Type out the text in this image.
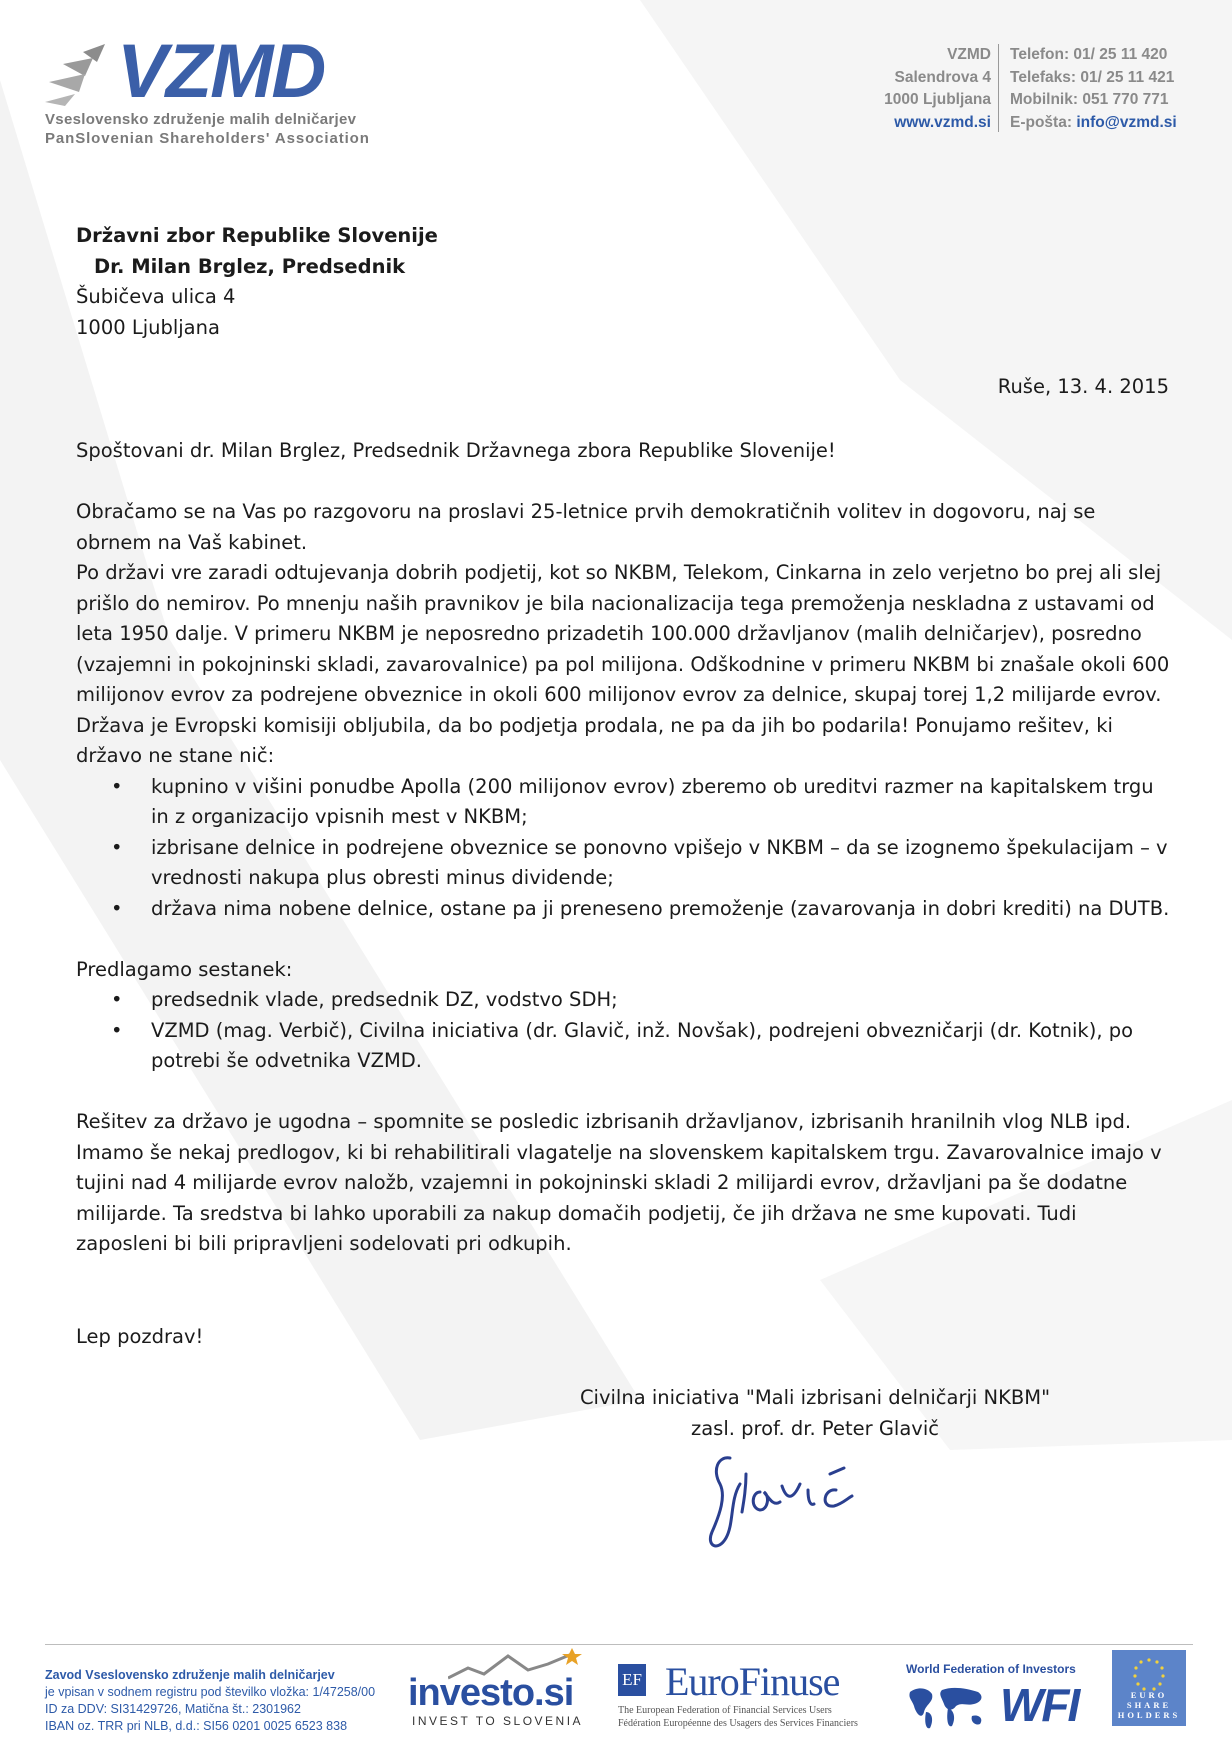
VZMD
Vseslovensko združenje malih delničarjev
PanSlovenian Shareholders' Association
VZMD
Salendrova 4
1000 Ljubljana
www.vzmd.si
Telefon: 01/ 25 11 420
Telefaks: 01/ 25 11 421
Mobilnik: 051 770 771
E-pošta: info@vzmd.si
Državni zbor Republike Slovenije
Dr. Milan Brglez, Predsednik
Šubičeva ulica 4
1000 Ljubljana
Ruše, 13. 4. 2015
Spoštovani dr. Milan Brglez, Predsednik Državnega zbora Republike Slovenije!

Obračamo se na Vas po razgovoru na proslavi 25-letnice prvih demokratičnih volitev in dogovoru, naj se obrnem na Vaš kabinet.

Po državi vre zaradi odtujevanja dobrih podjetij, kot so NKBM, Telekom, Cinkarna in zelo verjetno bo prej ali slej prišlo do nemirov. Po mnenju naših pravnikov je bila nacionalizacija tega premoženja neskladna z ustavami od leta 1950 dalje. V primeru NKBM je neposredno prizadetih 100.000 državljanov (malih delničarjev), posredno (vzajemni in pokojninski skladi, zavarovalnice) pa pol milijona. Odškodnine v primeru NKBM bi znašale okoli 600 milijonov evrov za podrejene obveznice in okoli 600 milijonov evrov za delnice, skupaj torej 1,2 milijarde evrov. Država je Evropski komisiji obljubila, da bo podjetja prodala, ne pa da jih bo podarila! Ponujamo rešitev, ki državo ne stane nič:

• kupnino v višini ponudbe Apolla (200 milijonov evrov) zberemo ob ureditvi razmer na kapitalskem trgu in z organizacijo vpisnih mest v NKBM;
• izbrisane delnice in podrejene obveznice se ponovno vpišejo v NKBM – da se izognemo špekulacijam – v vrednosti nakupa plus obresti minus dividende;
• država nima nobene delnice, ostane pa ji preneseno premoženje (zavarovanja in dobri krediti) na DUTB.

Predlagamo sestanek:

• predsednik vlade, predsednik DZ, vodstvo SDH;
• VZMD (mag. Verbič), Civilna iniciativa (dr. Glavič, inž. Novšak), podrejeni obvezničarji (dr. Kotnik), po potrebi še odvetnika VZMD.

Rešitev za državo je ugodna – spomnite se posledic izbrisanih državljanov, izbrisanih hranilnih vlog NLB ipd. Imamo še nekaj predlogov, ki bi rehabilitirali vlagatelje na slovenskem kapitalskem trgu. Zavarovalnice imajo v tujini nad 4 milijarde evrov naložb, vzajemni in pokojninski skladi 2 milijardi evrov, državljani pa še dodatne milijarde. Ta sredstva bi lahko uporabili za nakup domačih podjetij, če jih država ne sme kupovati. Tudi zaposleni bi bili pripravljeni sodelovati pri odkupih.

Lep pozdrav!
Civilna iniciativa "Mali izbrisani delničarji NKBM"
zasl. prof. dr. Peter Glavič
Zavod Vseslovensko združenje malih delničarjev
je vpisan v sodnem registru pod številko vložka: 1/47258/00
ID za DDV: SI31429726, Matična št.: 2301962
IBAN oz. TRR pri NLB, d.d.: SI56 0201 0025 6523 838
investo.si
INVEST TO SLOVENIA
EF EuroFinuse
The European Federation of Financial Services Users
Fédération Européenne des Usagers des Services Financiers
World Federation of Investors
WFI	EURO SHARE HOLDERS
